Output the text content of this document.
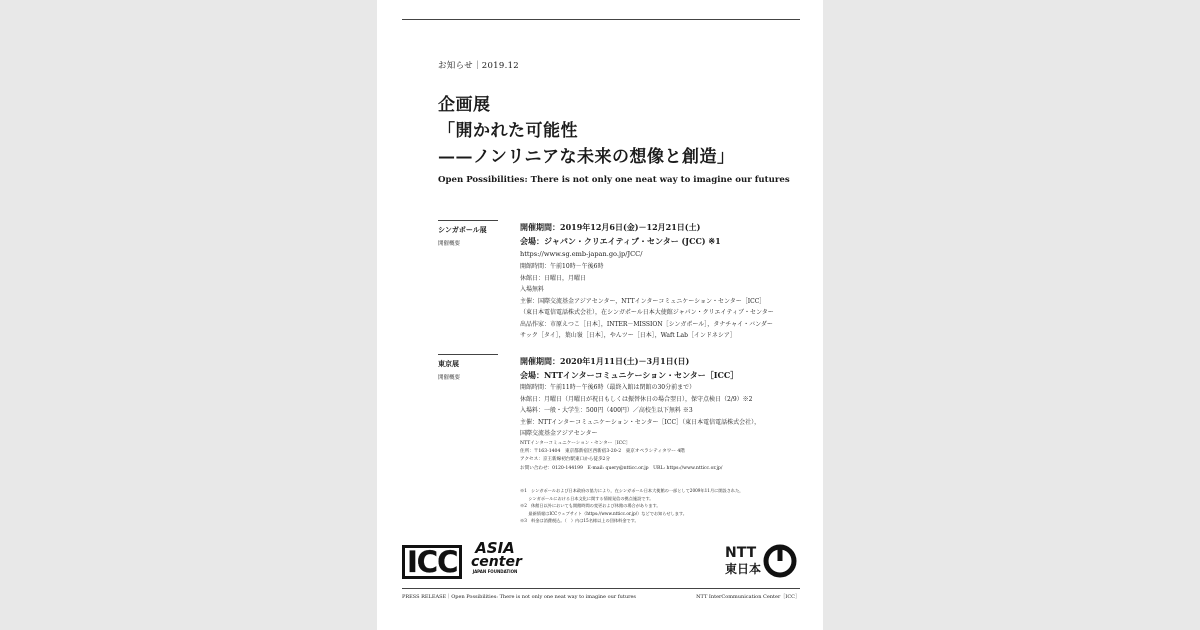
お知らせ｜2019.12
企画展
「開かれた可能性
——ノンリニアな未来の想像と創造」
Open Possibilities: There is not only one neat way to imagine our futures
シンガポール展
開催概要
開催期間：2019年12月6日(金)－12月21日(土)
会場：ジャパン・クリエイティブ・センター (JCC) ※1
https://www.sg.emb-japan.go.jp/JCC/
開館時間：午前10時－午後6時
休館日：日曜日，月曜日
入場無料
主催：国際交流基金アジアセンター，NTTインターコミュニケーション・センター［ICC］
（東日本電信電話株式会社），在シンガポール日本大使館ジャパン・クリエイティブ・センター
出品作家：市原えつこ［日本］，INTER－MISSION［シンガポール］，タナチャイ・バンダー
サック［タイ］，葉山嶺［日本］，やんツー［日本］，Waft Lab［インドネシア］
東京展
開催概要
開催期間：2020年1月11日(土)－3月1日(日)
会場：NTTインターコミュニケーション・センター［ICC］
開館時間：午前11時－午後6時（最終入館は閉館の30分前まで）
休館日：月曜日（月曜日が祝日もしくは振替休日の場合翌日），保守点検日（2/9）※2
入場料：一般・大学生：500円（400円）／高校生以下無料 ※3
主催：NTTインターコミュニケーション・センター［ICC］（東日本電信電話株式会社），
国際交流基金アジアセンター
NTTインターコミュニケーション・センター［ICC］
住所：〒163-1404　東京都新宿区西新宿3-20-2　東京オペラシティタワー 4階
アクセス：京王新線初台駅東口から徒歩2分
お問い合わせ：0120-144199　E-mail: query@ntticc.or.jp　URL: https://www.ntticc.or.jp/
※1　シンガポールおよび日本政府の協力により，在シンガポール日本大使館の一部として2009年11月に開設された，
　　シンガポールにおける日本文化に関する情報発信の拠点施設です。
※2　休館日以外においても開館時間の変更および休館の場合があります。
　　最新情報はICCウェブサイト（https://www.ntticc.or.jp/）などでお知らせします。
※3　料金は消費税込。（　）内は15名様以上の団体料金です。
ICC	ASIA
center
JAPAN FOUNDATION
NTT
東日本
PRESS RELEASE｜Open Possibilities: There is not only one neat way to imagine our futures	NTT InterCommunication Center［ICC］
